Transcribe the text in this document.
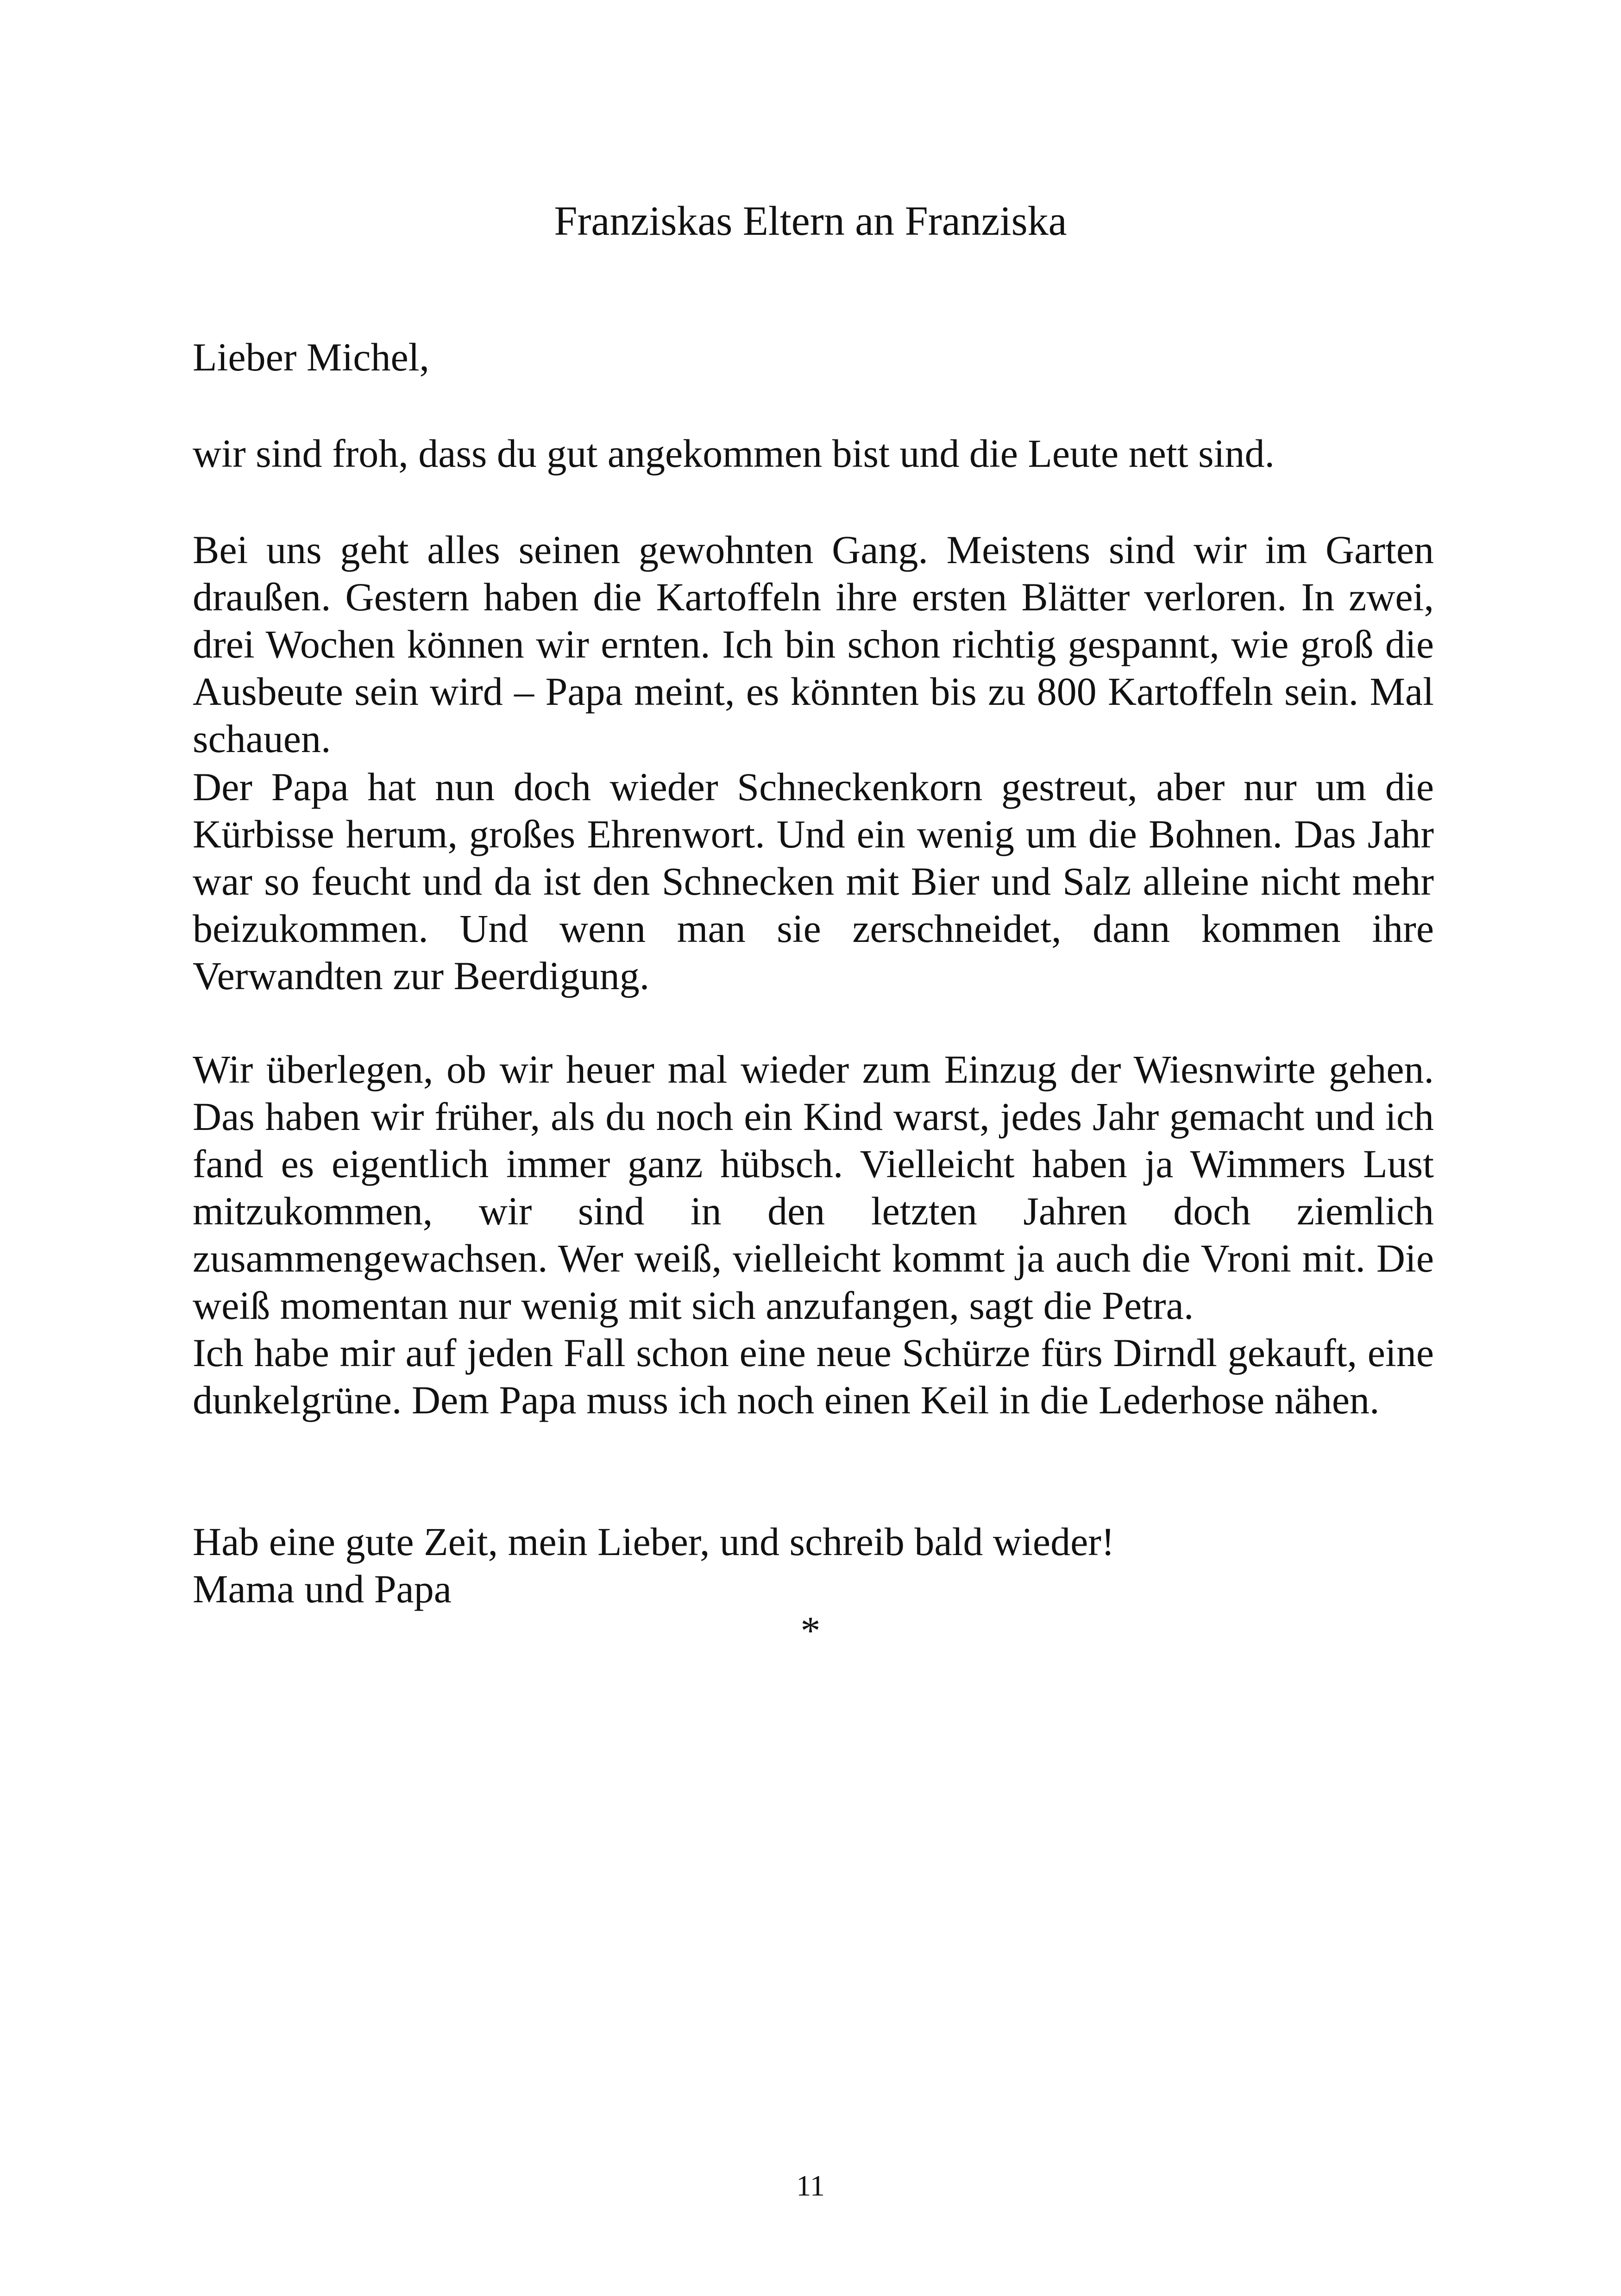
Franziskas Eltern an Franziska

Lieber Michel,

wir sind froh, dass du gut angekommen bist und die Leute nett sind.

Bei uns geht alles seinen gewohnten Gang. Meistens sind wir im Garten draußen. Gestern haben die Kartoffeln ihre ersten Blätter verloren. In zwei, drei Wochen können wir ernten. Ich bin schon richtig gespannt, wie groß die Ausbeute sein wird – Papa meint, es könnten bis zu 800 Kartoffeln sein. Mal schauen.

Der Papa hat nun doch wieder Schneckenkorn gestreut, aber nur um die Kürbisse herum, großes Ehrenwort. Und ein wenig um die Bohnen. Das Jahr war so feucht und da ist den Schnecken mit Bier und Salz alleine nicht mehr beizukommen. Und wenn man sie zerschneidet, dann kommen ihre Verwandten zur Beerdigung.

Wir überlegen, ob wir heuer mal wieder zum Einzug der Wiesnwirte gehen. Das haben wir früher, als du noch ein Kind warst, jedes Jahr gemacht und ich fand es eigentlich immer ganz hübsch. Vielleicht haben ja Wimmers Lust mitzukommen, wir sind in den letzten Jahren doch ziemlich zusammengewachsen. Wer weiß, vielleicht kommt ja auch die Vroni mit. Die weiß momentan nur wenig mit sich anzufangen, sagt die Petra.

Ich habe mir auf jeden Fall schon eine neue Schürze fürs Dirndl gekauft, eine dunkelgrüne. Dem Papa muss ich noch einen Keil in die Lederhose nähen.

Hab eine gute Zeit, mein Lieber, und schreib bald wieder!

Mama und Papa

*

11
